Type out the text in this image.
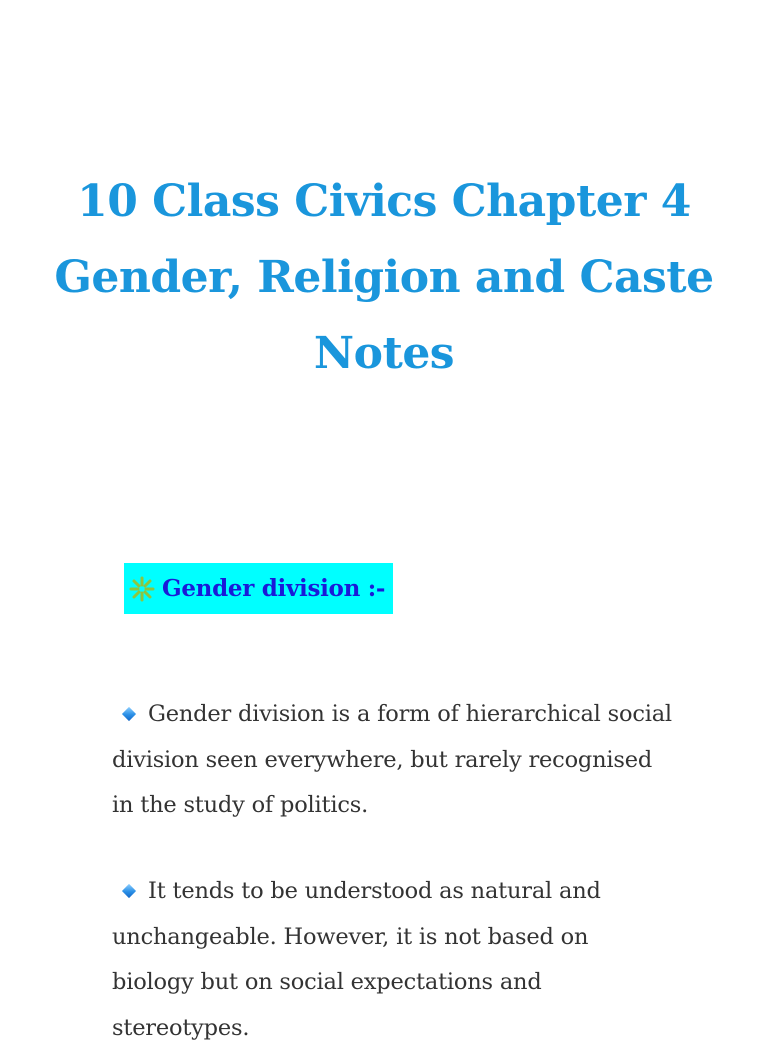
10 Class Civics Chapter 4
Gender, Religion and Caste
Notes
Gender division :-

Gender division is a form of hierarchical social division seen everywhere, but rarely recognised in the study of politics.

It tends to be understood as natural and unchangeable. However, it is not based on biology but on social expectations and stereotypes.
